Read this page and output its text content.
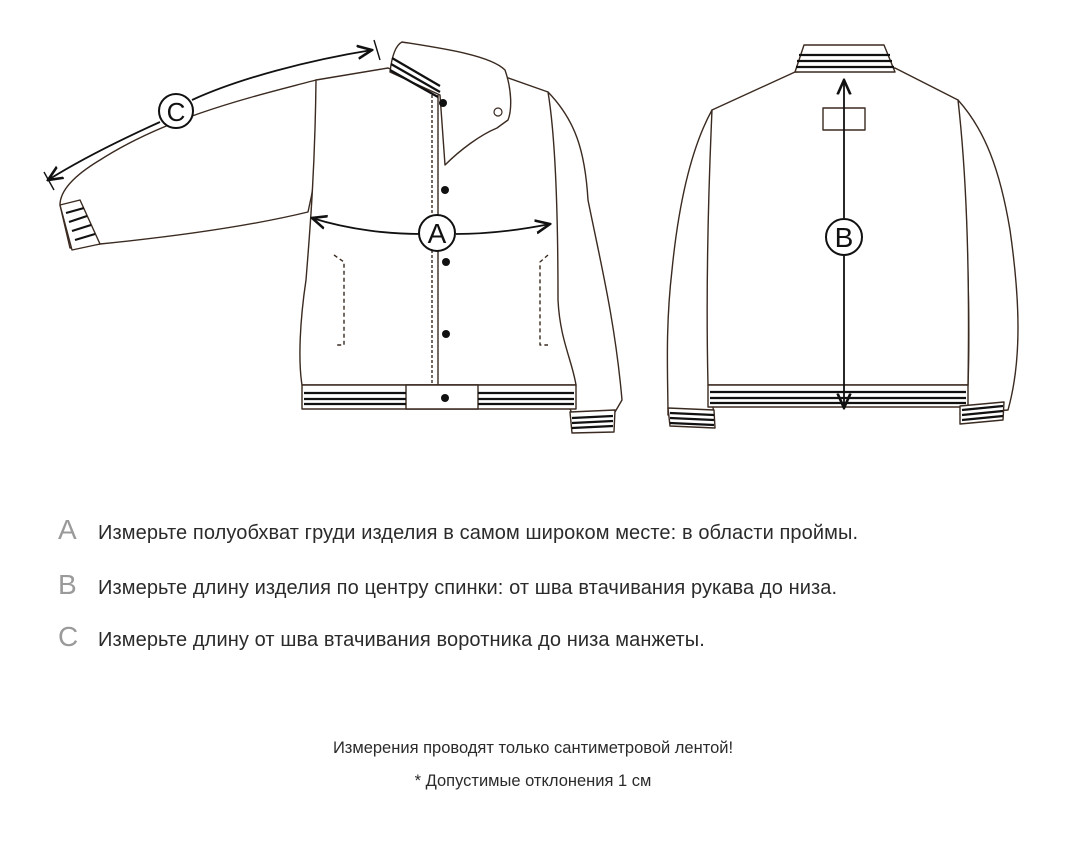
A	B
C
A	Измерьте полуобхват груди изделия в самом широком месте: в области проймы.
B	Измерьте длину изделия по центру спинки: от шва втачивания рукава до низа.
C Измерьте длину от шва втачивания воротника до низа манжеты.
Измерения проводят только сантиметровой лентой!
* Допустимые отклонения 1 см
